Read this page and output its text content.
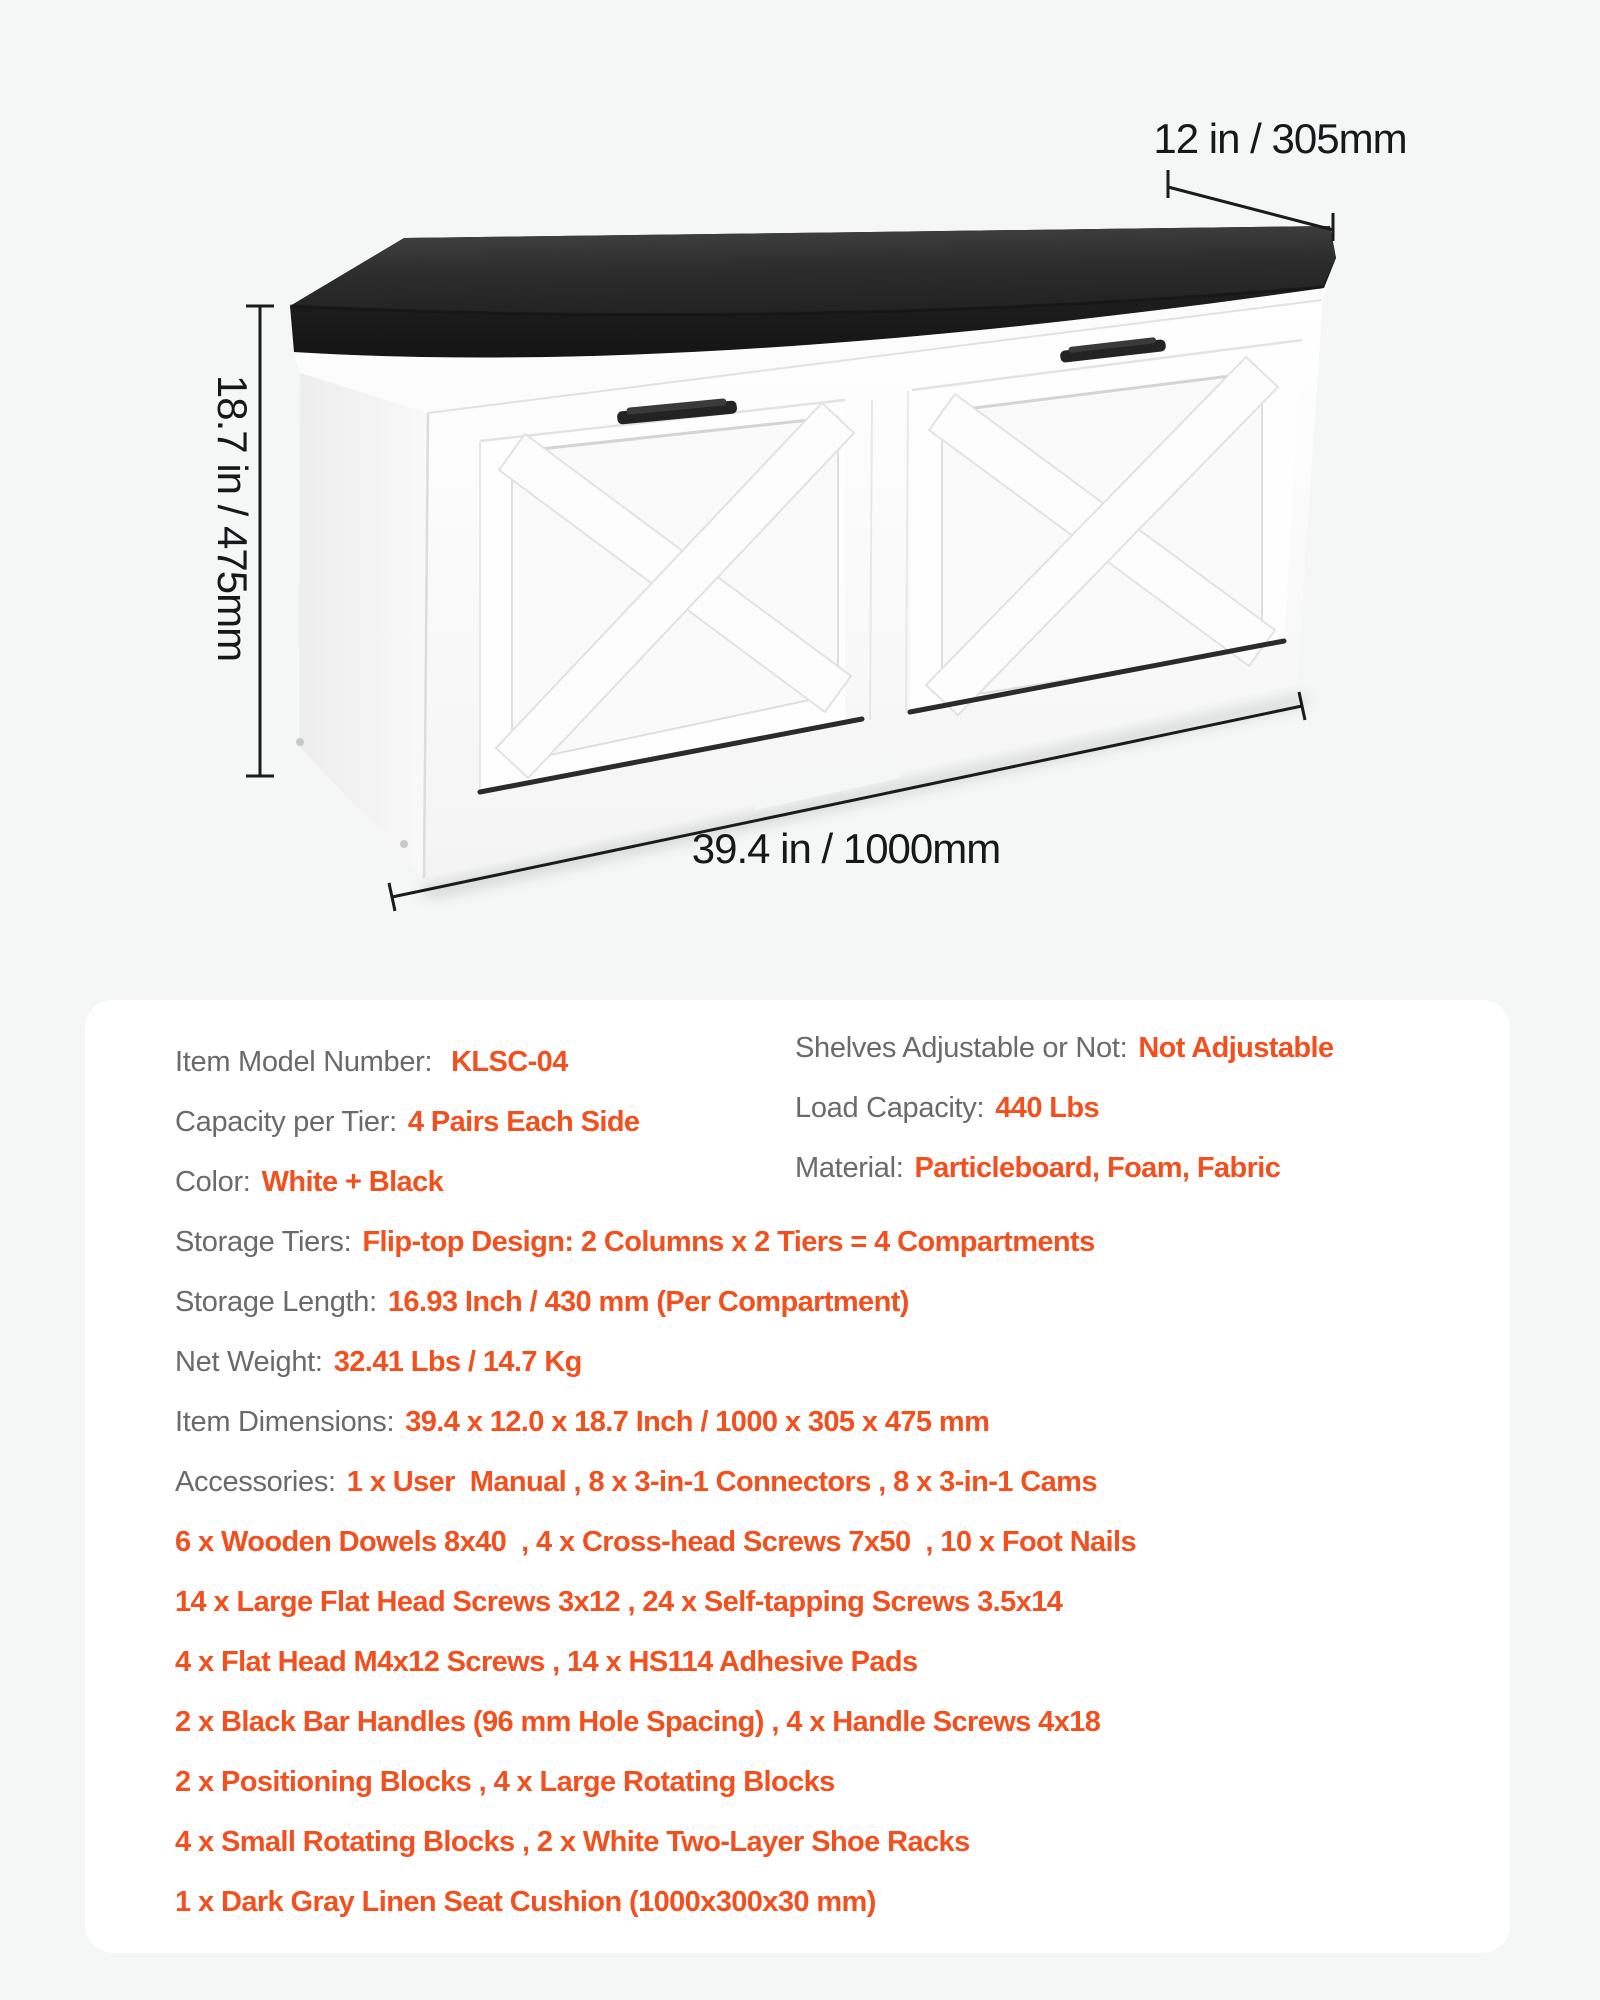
12 in / 305mm
18.7 in / 475mm
39.4 in / 1000mm
Item Model Number: KLSC-04	Shelves Adjustable or Not: Not Adjustable
Capacity per Tier: 4 Pairs Each Side	Load Capacity: 440 Lbs
Color: White + Black	Material: Particleboard, Foam, Fabric
Storage Tiers: Flip-top Design: 2 Columns x 2 Tiers = 4 Compartments
Storage Length: 16.93 Inch / 430 mm (Per Compartment)
Net Weight: 32.41 Lbs / 14.7 Kg
Item Dimensions: 39.4 x 12.0 x 18.7 Inch / 1000 x 305 x 475 mm
Accessories: 1 x User  Manual , 8 x 3-in-1 Connectors , 8 x 3-in-1 Cams
6 x Wooden Dowels 8x40  , 4 x Cross-head Screws 7x50  , 10 x Foot Nails
14 x Large Flat Head Screws 3x12 , 24 x Self-tapping Screws 3.5x14
4 x Flat Head M4x12 Screws , 14 x HS114 Adhesive Pads
2 x Black Bar Handles (96 mm Hole Spacing) , 4 x Handle Screws 4x18
2 x Positioning Blocks , 4 x Large Rotating Blocks
4 x Small Rotating Blocks , 2 x White Two-Layer Shoe Racks
1 x Dark Gray Linen Seat Cushion (1000x300x30 mm)
